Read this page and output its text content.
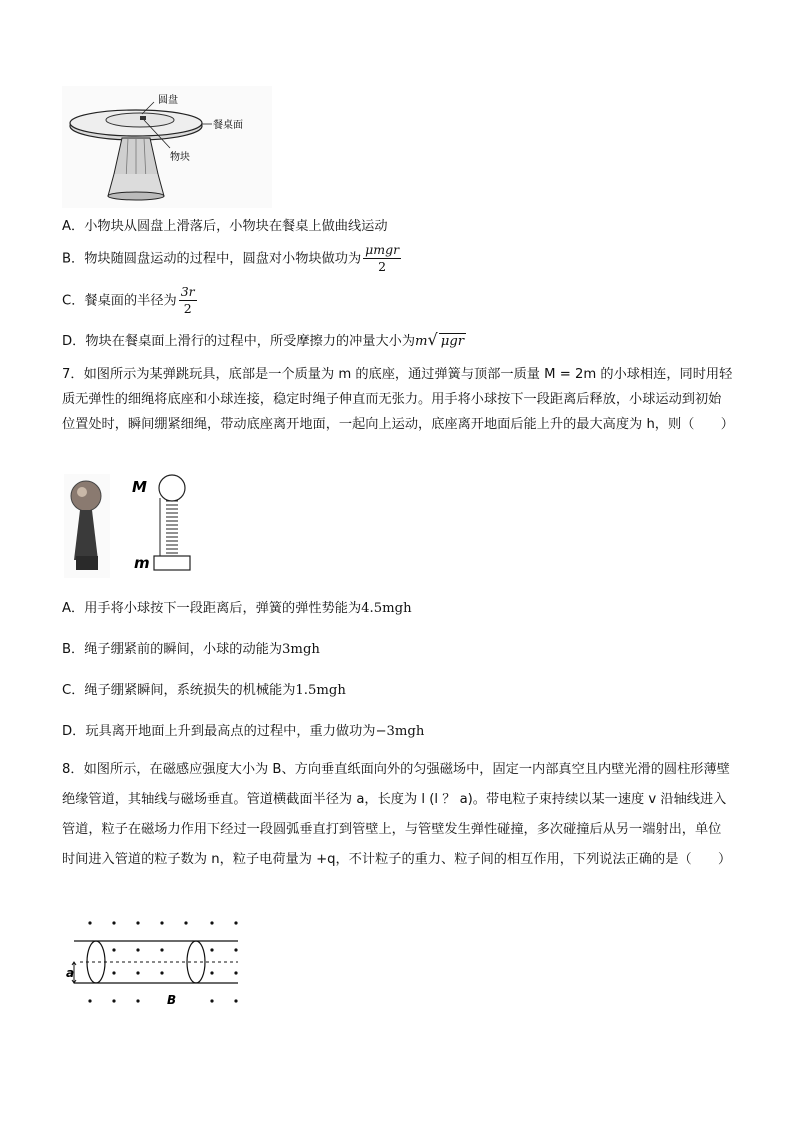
圆盘
餐桌面
物块
A．小物块从圆盘上滑落后，小物块在餐桌上做曲线运动
B．物块随圆盘运动的过程中，圆盘对小物块做功为 $\frac{\text{μmgr}}{2}$
C．餐桌面的半径为 $\frac{3r}{2}$
D．物块在餐桌面上滑行的过程中，所受摩擦力的冲量大小为m√ μgr
7．如图所示为某弹跳玩具，底部是一个质量为 m 的底座，通过弹簧与顶部一质量 M = 2m 的小球相连，同时用轻质无弹性的细绳将底座和小球连接，稳定时绳子伸直而无张力。用手将小球按下一段距离后释放，小球运动到初始位置处时，瞬间绷紧细绳，带动底座离开地面，一起向上运动，底座离开地面后能上升的最大高度为 h，则（　　）
M
m
A．用手将小球按下一段距离后，弹簧的弹性势能为4.5mgh
B．绳子绷紧前的瞬间，小球的动能为3mgh
C．绳子绷紧瞬间，系统损失的机械能为1.5mgh
D．玩具离开地面上升到最高点的过程中，重力做功为−3mgh
8．如图所示，在磁感应强度大小为 B、方向垂直纸面向外的匀强磁场中，固定一内部真空且内壁光滑的圆柱形薄壁绝缘管道，其轴线与磁场垂直。管道横截面半径为 a，长度为 l (l ？ a)。带电粒子束持续以某一速度 v 沿轴线进入管道，粒子在磁场力作用下经过一段圆弧垂直打到管壁上，与管壁发生弹性碰撞，多次碰撞后从另一端射出，单位时间进入管道的粒子数为 n，粒子电荷量为 +q，不计粒子的重力、粒子间的相互作用，下列说法正确的是（　　）
a
B
